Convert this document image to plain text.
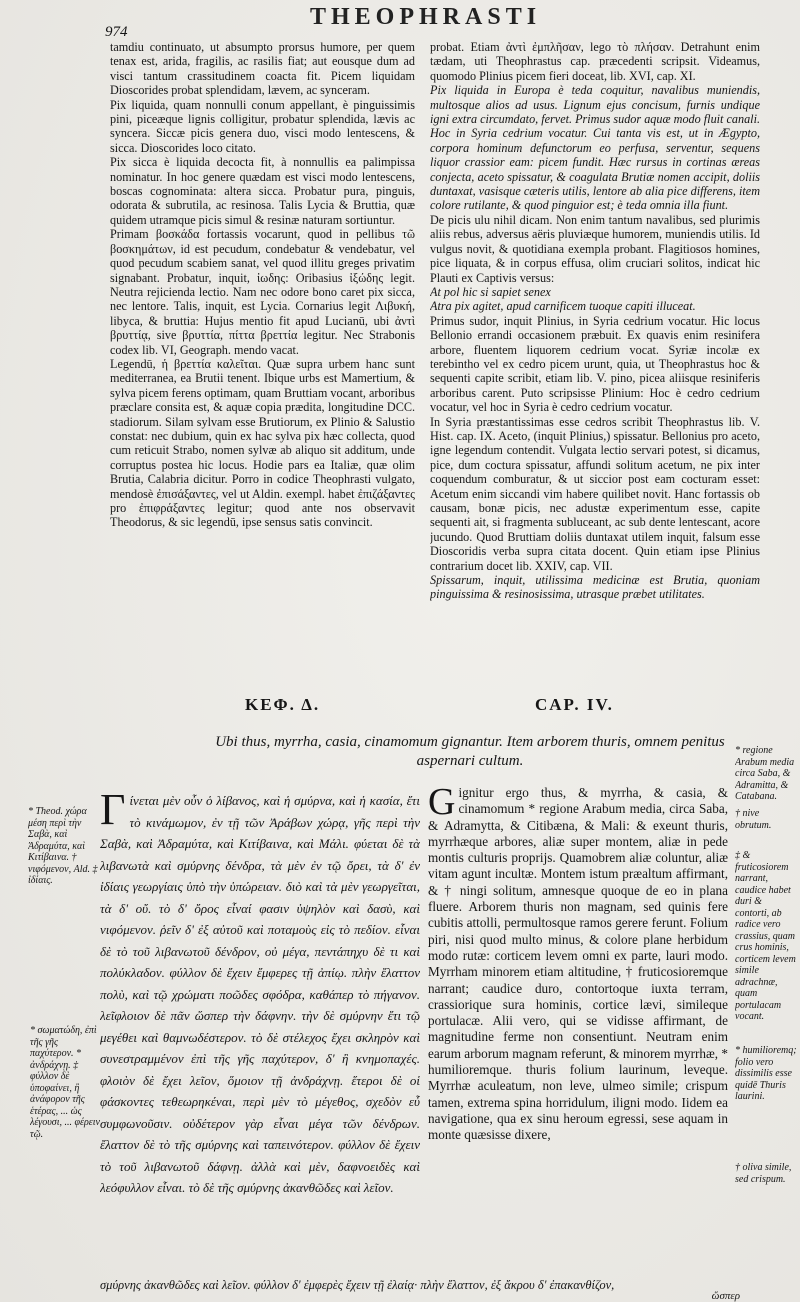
974
THEOPHRASTI

tamdiu continuato, ut absumpto prorsus humore, per quem tenax est, arida, fragilis, ac rasilis fiat; aut eousque dum ad visci tantum crassitudinem coacta fit. Picem liquidam Dioscorides probat splendidam, lævem, ac synceram.

Pix liquida, quam nonnulli conum appellant, è pinguissimis pini, piceæque lignis colligitur, probatur splendida, lævis ac syncera. Siccæ picis genera duo, visci modo lentescens, & sicca. Dioscorides loco citato.

Pix sicca è liquida decocta fit, à nonnullis ea palimpissa nominatur. In hoc genere quædam est visci modo lentescens, boscas cognominata: altera sicca. Probatur pura, pinguis, odorata & subrutila, ac resinosa. Talis Lycia & Bruttia, quæ quidem utramque picis simul & resinæ naturam sortiuntur.

Primam βοσκάδα fortassis vocarunt, quod in pellibus τῶ βοσκημάτων, id est pecudum, condebatur & vendebatur, vel quod pecudum scabiem sanat, vel quod illitu greges privatim signabant. Probatur, inquit, ἰωδης: Oribasius ἰξώδης legit. Neutra rejicienda lectio. Nam nec odore bono caret pix sicca, nec lentore. Talis, inquit, est Lycia. Cornarius legit Λιβυκή, libyca, & bruttia: Hujus mentio fit apud Lucianū, ubi ἀντὶ βρυττίᾳ, sive βρυττία, πίττα βρεττία legitur. Nec Strabonis codex lib. VI, Geograph. mendo vacat.

Legendū, ἡ βρεττία καλεῖται. Quæ supra urbem hanc sunt mediterranea, ea Brutii tenent. Ibique urbs est Mamertium, & sylva picem ferens optimam, quam Bruttiam vocant, arboribus præclare consita est, & aquæ copia prædita, longitudine DCC. stadiorum. Silam sylvam esse Brutiorum, ex Plinio & Salustio constat: nec dubium, quin ex hac sylva pix hæc collecta, quod cum reticuit Strabo, nomen sylvæ ab aliquo sit additum, unde corruptus postea hic locus. Hodie pars ea Italiæ, quæ olim Brutia, Calabria dicitur. Porro in codice Theophrasti vulgato, mendosè ἐπισάξαντες, vel ut Aldin. exempl. habet ἐπιζάξαντες pro ἐπιφράξαντες legitur; quod ante nos observavit Theodorus, & sic legendū, ipse sensus satis convincit.

probat. Etiam ἀντὶ ἐμπλῆσαν, lego τὸ πλήσαν. Detrahunt enim tædam, uti Theophrastus cap. præcedenti scripsit. Videamus, quomodo Plinius picem fieri doceat, lib. XVI, cap. XI.

Pix liquida in Europa è teda coquitur, navalibus muniendis, multosque alios ad usus. Lignum ejus concisum, furnis undique igni extra circumdato, fervet. Primus sudor aquæ modo fluit canali. Hoc in Syria cedrium vocatur. Cui tanta vis est, ut in Ægypto, corpora hominum defunctorum eo perfusa, serventur, sequens liquor crassior eam: picem fundit. Hæc rursus in cortinas æreas conjecta, aceto spissatur, & coagulata Brutiæ nomen accipit, doliis duntaxat, vasisque cæteris utilis, lentore ab alia pice differens, item colore rutilante, & quod pinguior est; è teda omnia illa fiunt.

De picis ulu nihil dicam. Non enim tantum navalibus, sed plurimis aliis rebus, adversus aëris pluviæque humorem, muniendis utilis. Id vulgus novit, & quotidiana exempla probant. Flagitiosos homines, pice liquata, & in corpus effusa, olim cruciari solitos, indicat hic Plauti ex Captivis versus:

At pol hic si sapiet senex

Atra pix agitet, apud carnificem tuoque capiti illuceat.

Primus sudor, inquit Plinius, in Syria cedrium vocatur. Hic locus Bellonio errandi occasionem præbuit. Ex quavis enim resinifera arbore, fluentem liquorem cedrium vocat. Syriæ incolæ ex terebintho vel ex cedro picem urunt, quia, ut Theophrastus hoc & sequenti capite scribit, etiam lib. V. pino, picea aliisque resiniferis arboribus carent. Puto scripsisse Plinium: Hoc è cedro cedrium vocatur, vel hoc in Syria è cedro cedrium vocatur.

In Syria præstantissimas esse cedros scribit Theophrastus lib. V. Hist. cap. IX. Aceto, (inquit Plinius,) spissatur. Bellonius pro aceto, igne legendum contendit. Vulgata lectio servari potest, si dicamus, pice, dum coctura spissatur, affundi solitum acetum, ne pix inter coquendum comburatur, & ut siccior post eam cocturam esset: Acetum enim siccandi vim habere quilibet novit. Hanc fortassis ob causam, bonæ picis, nec adustæ experimentum esse, capite sequenti ait, si fragmenta subluceant, ac sub dente lentescant, acore jucundo. Quod Bruttiam doliis duntaxat utilem inquit, falsum esse Dioscoridis verba supra citata docent. Quin etiam ipse Plinius contrarium docet lib. XXIV, cap. VII.

Spissarum, inquit, utilissima medicinæ est Brutia, quoniam pinguissima & resinosissima, utrasque præbet utilitates.

ΚΕΦ. Δ.	CAP. IV.
Ubi thus, myrrha, casia, cinamomum gignantur. Item arborem thuris, omnem penitus aspernari cultum.
* Theod. χώρα μέση περὶ τὴν Σαβὰ, καὶ Ἀδραμύτα, καὶ Κιτίβαινα. † νιφόμενον, Ald. ‡ ἰδίαις.
* σωματώδη, ἐπὶ τῆς γῆς παχύτερον. * ἀνδράχνῃ. ‡ φύλλον δὲ ὑποφαίνει, ἢ ἀνάφορον τῆς ἑτέρας, ... ὡς λέγουσι, ... φέρειν τῷ.
Γ ίνεται μὲν οὖν ὁ λίβανος, καὶ ἡ σμύρνα, καὶ ἡ κασία, ἔτι τὸ κινάμωμον, ἐν τῇ τῶν Ἀράβων χώρᾳ, γῆς περὶ τὴν Σαβὰ, καὶ Ἀδραμύτα, καὶ Κιτίβαινα, καὶ Μάλι. φύεται δὲ τὰ λιβανωτὰ καὶ σμύρνης δένδρα, τὰ μὲν ἐν τῷ ὄρει, τὰ δ' ἐν ἰδίαις γεωργίαις ὑπὸ τὴν ὑπώρειαν. διὸ καὶ τὰ μὲν γεωργεῖται, τὰ δ' οὔ. τὸ δ' ὄρος εἶναί φασιν ὑψηλὸν καὶ δασὺ, καὶ νιφόμενον. ῥεῖν δ' ἐξ αὐτοῦ καὶ ποταμοὺς εἰς τὸ πεδίον. εἶναι δὲ τὸ τοῦ λιβανωτοῦ δένδρον, οὐ μέγα, πεντάπηχυ δὲ τι καὶ πολύκλαδον. φύλλον δὲ ἔχειν ἔμφερες τῇ ἀπίῳ. πλὴν ἔλαττον πολὺ, καὶ τῷ χρώματι ποῶδες σφόδρα, καθάπερ τὸ πήγανον. λεῖφλοιον δὲ πᾶν ὥσπερ τὴν δάφνην. τὴν δὲ σμύρνην ἔτι τῷ μεγέθει καὶ θαμνωδέστερον. τὸ δὲ στέλεχος ἔχει σκληρὸν καὶ συνεστραμμένον ἐπὶ τῆς γῆς παχύτερον, δ' ἢ κνημοπαχές. φλοιὸν δὲ ἔχει λεῖον, ὅμοιον τῇ ἀνδράχνῃ. ἕτεροι δὲ οἱ φάσκοντες τεθεωρηκέναι, περὶ μὲν τὸ μέγεθος, σχεδὸν εὖ συμφωνοῦσιν. οὐδέτερον γὰρ εἶναι μέγα τῶν δένδρων. ἔλαττον δὲ τὸ τῆς σμύρνης καὶ ταπεινότερον. φύλλον δὲ ἔχειν τὸ τοῦ λιβανωτοῦ δάφνῃ. ἀλλὰ καὶ μὲν, δαφνοειδὲς καὶ λεόφυλλον εἶναι. τὸ δὲ τῆς σμύρνης ἀκανθῶδες καὶ λεῖον.
G ignitur ergo thus, & myrrha, & casia, & cinamomum * regione Arabum media, circa Saba, & Adramytta, & Citibæna, & Mali: & exeunt thuris, myrrhæque arbores, aliæ super montem, aliæ in pede montis culturis proprijs. Quamobrem aliæ coluntur, aliæ vitam agunt incultæ. Montem istum præaltum affirmant, & † ningi solitum, amnesque quoque de eo in plana fluere. Arborem thuris non magnam, sed quinis fere cubitis attolli, permultosque ramos gerere ferunt. Folium piri, nisi quod multo minus, & colore plane herbidum modo rutæ: corticem levem omni ex parte, lauri modo. Myrrham minorem etiam altitudine, † fruticosioremque narrant; caudice duro, contortoque iuxta terram, crassiorique sura hominis, cortice lævi, simileque portulacæ. Alii vero, qui se vidisse affirmant, de magnitudine ferme non consentiunt. Neutram enim earum arborum magnam referunt, & minorem myrrhæ, * humilioremque. thuris folium laurinum, leveque. Myrrhæ aculeatum, non leve, ulmeo simile; crispum tamen, extrema spina horridulum, iligni modo. Iidem ea navigatione, qua ex sinu heroum egressi, sese aquam in monte quæsisse dixere,
* regione Arabum media circa Saba, & Adramitta, & Catabana.
† nive obrutum.
‡ & fruticosiorem narrant, caudice habet duri & contorti, ab radice vero crassius, quam crus hominis, corticem levem simile adrachnæ, quam portulacam vocant.
* humilioremq; folio vero dissimilis esse quidē Thuris laurini.
† oliva simile, sed crispum.
σμύρνης ἀκανθῶδες καὶ λεῖον. φύλλον δ' ἐμφερὲς ἔχειν τῇ ἐλαίᾳ· πλὴν ἔλαττον, ἐξ ἄκρου δ' ἐπακανθίζον,
ὥσπερ
